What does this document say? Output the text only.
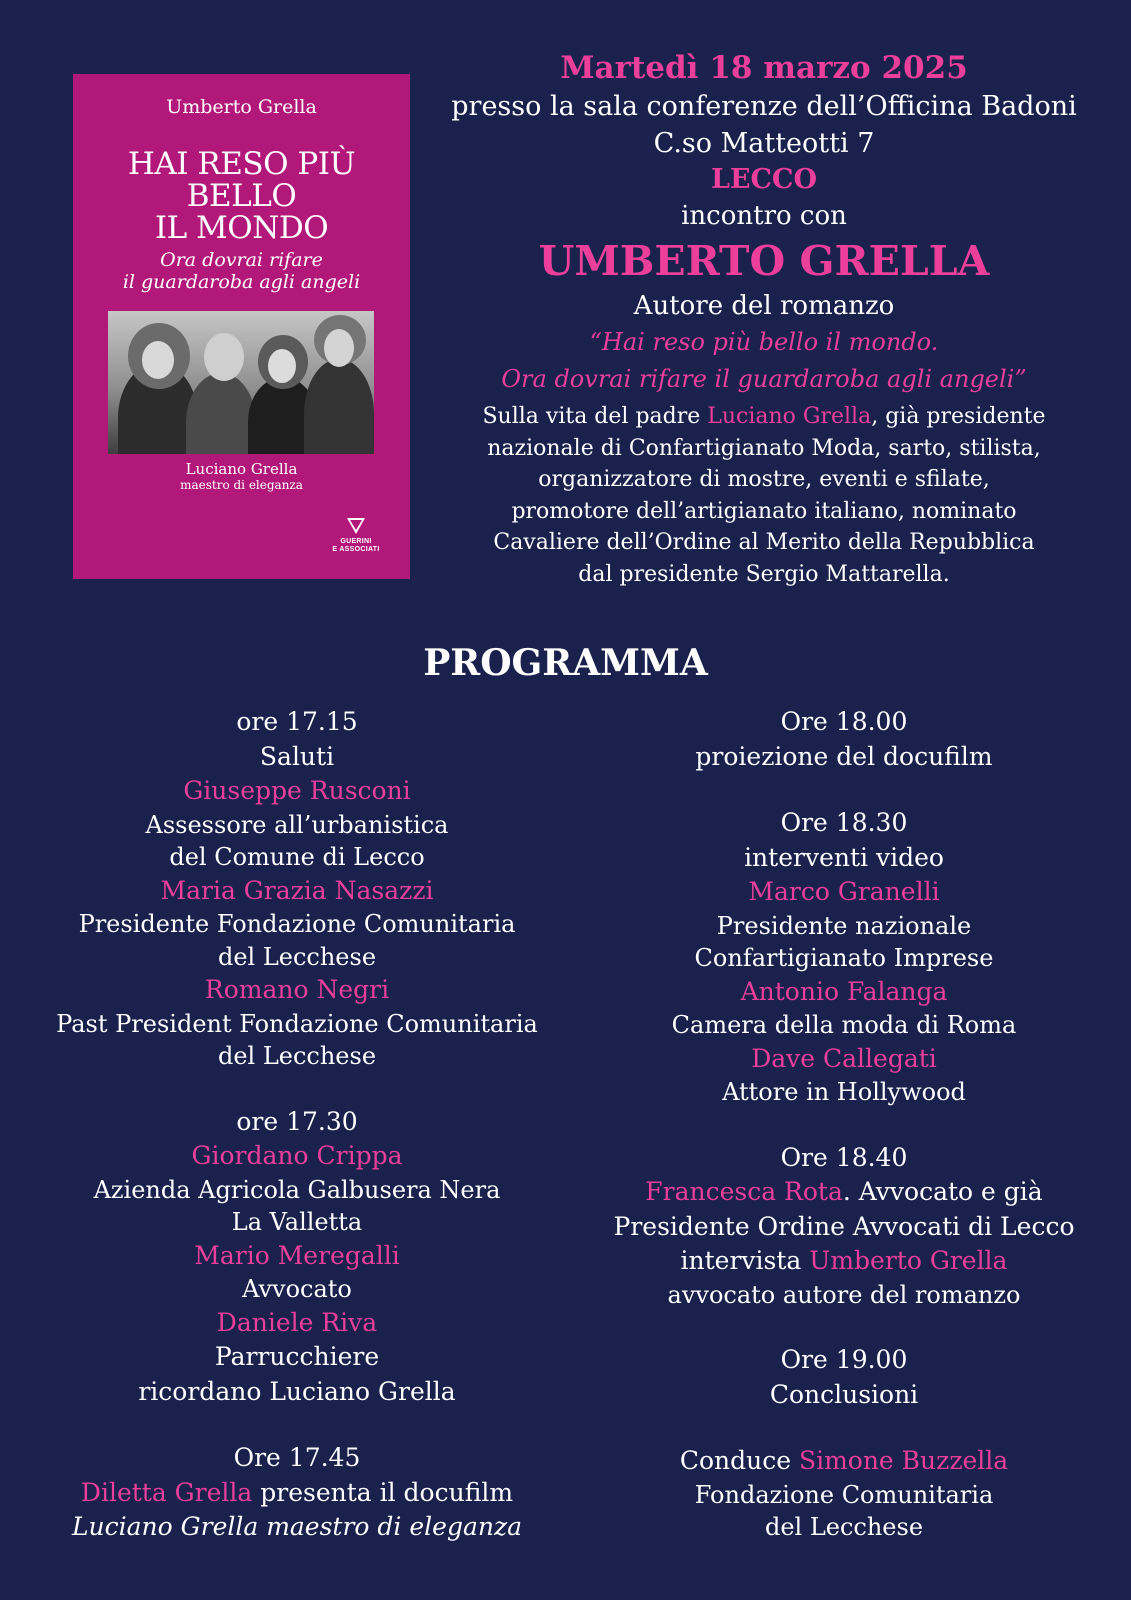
Umberto Grella
HAI RESO PIÙ
BELLO
IL MONDO
Ora dovrai rifare
il guardaroba agli angeli
Luciano Grella
maestro di eleganza
GUERINI
E ASSOCIATI
Martedì 18 marzo 2025
presso la sala conferenze dell’Officina Badoni
C.so Matteotti 7
LECCO
incontro con
UMBERTO GRELLA
Autore del romanzo
“Hai reso più bello il mondo.
Ora dovrai rifare il guardaroba agli angeli”
Sulla vita del padre Luciano Grella, già presidente
nazionale di Confartigianato Moda, sarto, stilista,
organizzatore di mostre, eventi e sfilate,
promotore dell’artigianato italiano, nominato
Cavaliere dell’Ordine al Merito della Repubblica
dal presidente Sergio Mattarella.
PROGRAMMA
ore 17.15
Saluti
Giuseppe Rusconi
Assessore all’urbanistica
del Comune di Lecco
Maria Grazia Nasazzi
Presidente Fondazione Comunitaria
del Lecchese
Romano Negri
Past President Fondazione Comunitaria
del Lecchese
ore 17.30
Giordano Crippa
Azienda Agricola Galbusera Nera
La Valletta
Mario Meregalli
Avvocato
Daniele Riva
Parrucchiere
ricordano Luciano Grella
Ore 17.45
Diletta Grella presenta il docufilm
Luciano Grella maestro di eleganza
Ore 18.00
proiezione del docufilm
Ore 18.30
interventi video
Marco Granelli
Presidente nazionale
Confartigianato Imprese
Antonio Falanga
Camera della moda di Roma
Dave Callegati
Attore in Hollywood
Ore 18.40
Francesca Rota. Avvocato e già
Presidente Ordine Avvocati di Lecco
intervista Umberto Grella
avvocato autore del romanzo
Ore 19.00
Conclusioni
Conduce Simone Buzzella
Fondazione Comunitaria
del Lecchese
